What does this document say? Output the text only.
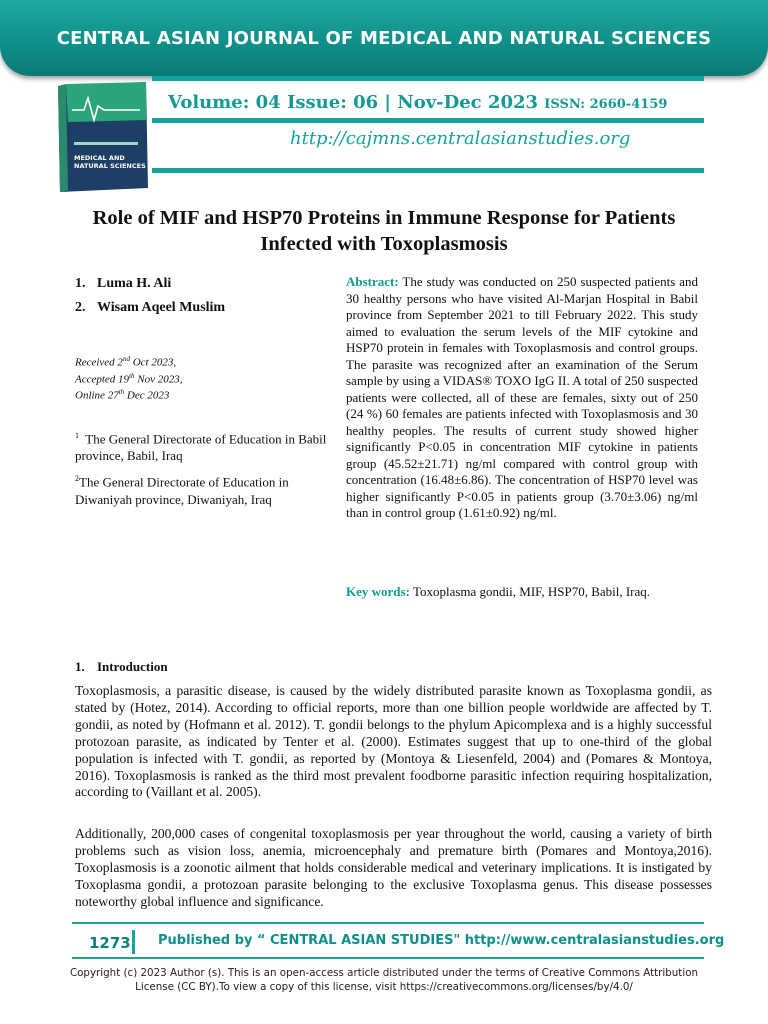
CENTRAL ASIAN JOURNAL OF MEDICAL AND NATURAL SCIENCES
MEDICAL AND
NATURAL SCIENCES
Volume: 04 Issue: 06 | Nov-Dec 2023 ISSN: 2660-4159
http://cajmns.centralasianstudies.org
Role of MIF and HSP70 Proteins in Immune Response for Patients Infected with Toxoplasmosis
1. Luma H. Ali
2. Wisam Aqeel Muslim
Received 2nd Oct 2023,
Accepted 19th Nov 2023,
Online 27th Dec 2023

$^1$ The General Directorate of Education in Babil province, Babil, Iraq

$^2$The General Directorate of Education in Diwaniyah province, Diwaniyah, Iraq

Abstract: The study was conducted on 250 suspected patients and 30 healthy persons who have visited Al-Marjan Hospital in Babil province from September 2021 to till February 2022. This study aimed to evaluation the serum levels of the MIF cytokine and HSP70 protein in females with Toxoplasmosis and control groups. The parasite was recognized after an examination of the Serum sample by using a VIDAS® TOXO IgG II. A total of 250 suspected patients were collected, all of these are females, sixty out of 250 (24 %) 60 females are patients infected with Toxoplasmosis and 30 healthy peoples. The results of current study showed higher significantly P<0.05 in concentration MIF cytokine in patients group (45.52±21.71) ng/ml compared with control group with concentration (16.48±6.86). The concentration of HSP70 level was higher significantly P<0.05 in patients group (3.70±3.06) ng/ml than in control group (1.61±0.92) ng/ml.
Key words: Toxoplasma gondii, MIF, HSP70, Babil, Iraq.
1. Introduction
Toxoplasmosis, a parasitic disease, is caused by the widely distributed parasite known as Toxoplasma gondii, as stated by (Hotez, 2014). According to official reports, more than one billion people worldwide are affected by T. gondii, as noted by (Hofmann et al. 2012). T. gondii belongs to the phylum Apicomplexa and is a highly successful protozoan parasite, as indicated by Tenter et al. (2000). Estimates suggest that up to one-third of the global population is infected with T. gondii, as reported by (Montoya & Liesenfeld, 2004) and (Pomares & Montoya, 2016). Toxoplasmosis is ranked as the third most prevalent foodborne parasitic infection requiring hospitalization, according to (Vaillant et al. 2005).
Additionally, 200,000 cases of congenital toxoplasmosis per year throughout the world, causing a variety of birth problems such as vision loss, anemia, microencephaly and premature birth (Pomares and Montoya,2016). Toxoplasmosis is a zoonotic ailment that holds considerable medical and veterinary implications. It is instigated by Toxoplasma gondii, a protozoan parasite belonging to the exclusive Toxoplasma genus. This disease possesses noteworthy global influence and significance.
1273 Published by “ CENTRAL ASIAN STUDIES" http://www.centralasianstudies.org
Copyright (c) 2023 Author (s). This is an open-access article distributed under the terms of Creative Commons Attribution License (CC BY).To view a copy of this license, visit https://creativecommons.org/licenses/by/4.0/
